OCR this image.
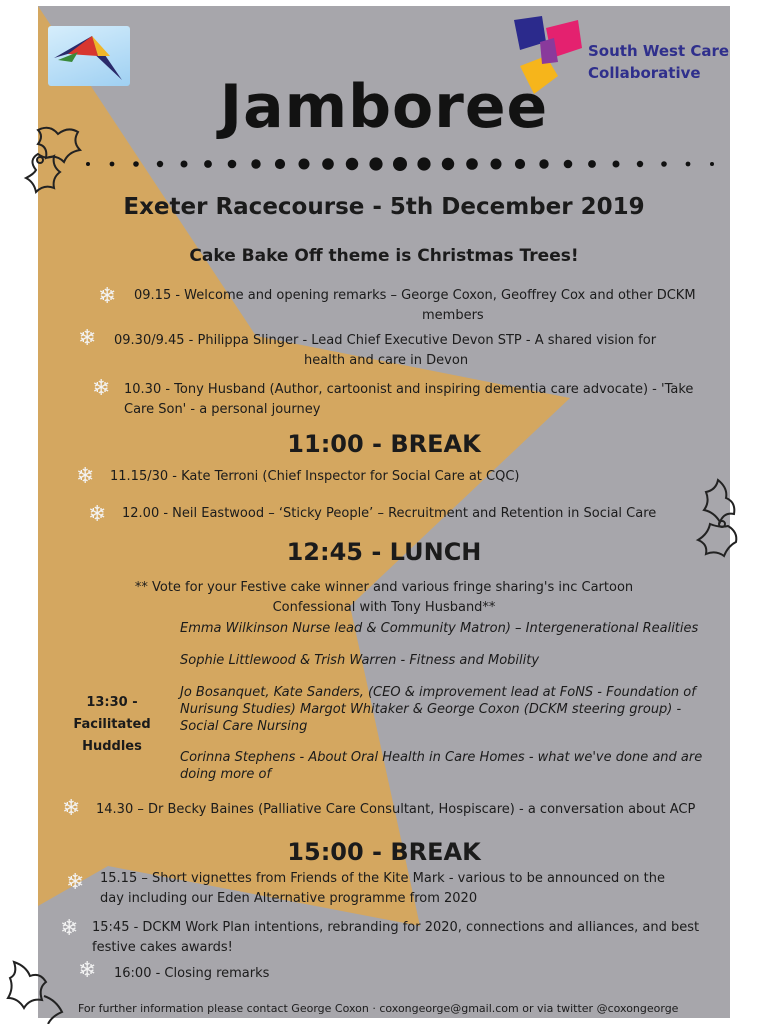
South West Care
Collaborative
Jamboree
Exeter Racecourse - 5th December 2019
Cake Bake Off theme is Christmas Trees!
❄ 09.15 - Welcome and opening remarks – George Coxon, Geoffrey Cox and other DCKM
members
❄ 09.30/9.45 - Philippa Slinger - Lead Chief Executive Devon STP - A shared vision for
health and care in Devon
❄ 10.30 - Tony Husband (Author, cartoonist and inspiring dementia care advocate) - 'Take
Care Son' - a personal journey
11:00 - BREAK
❄ 11.15/30 - Kate Terroni (Chief Inspector for Social Care at CQC)
❄ 12.00 - Neil Eastwood – ‘Sticky People’ – Recruitment and Retention in Social Care
12:45 - LUNCH
** Vote for your Festive cake winner and various fringe sharing's inc Cartoon
Confessional with Tony Husband**
13:30 -
Facilitated Huddles
Emma Wilkinson Nurse lead & Community Matron) – Intergenerational Realities
Sophie Littlewood & Trish Warren - Fitness and Mobility
Jo Bosanquet, Kate Sanders, (CEO & improvement lead at FoNS - Foundation of
Nurisung Studies) Margot Whitaker & George Coxon (DCKM steering group) -
Social Care Nursing
Corinna Stephens - About Oral Health in Care Homes - what we've done and are
doing more of
❄ 14.30 – Dr Becky Baines (Palliative Care Consultant, Hospiscare) - a conversation about ACP
15:00 - BREAK
❄ 15.15 – Short vignettes from Friends of the Kite Mark - various to be announced on the
day including our Eden Alternative programme from 2020
❄ 15:45 - DCKM Work Plan intentions, rebranding for 2020, connections and alliances, and best
festive cakes awards!
❄ 16:00 - Closing remarks
For further information please contact George Coxon · coxongeorge@gmail.com or via twitter @coxongeorge
